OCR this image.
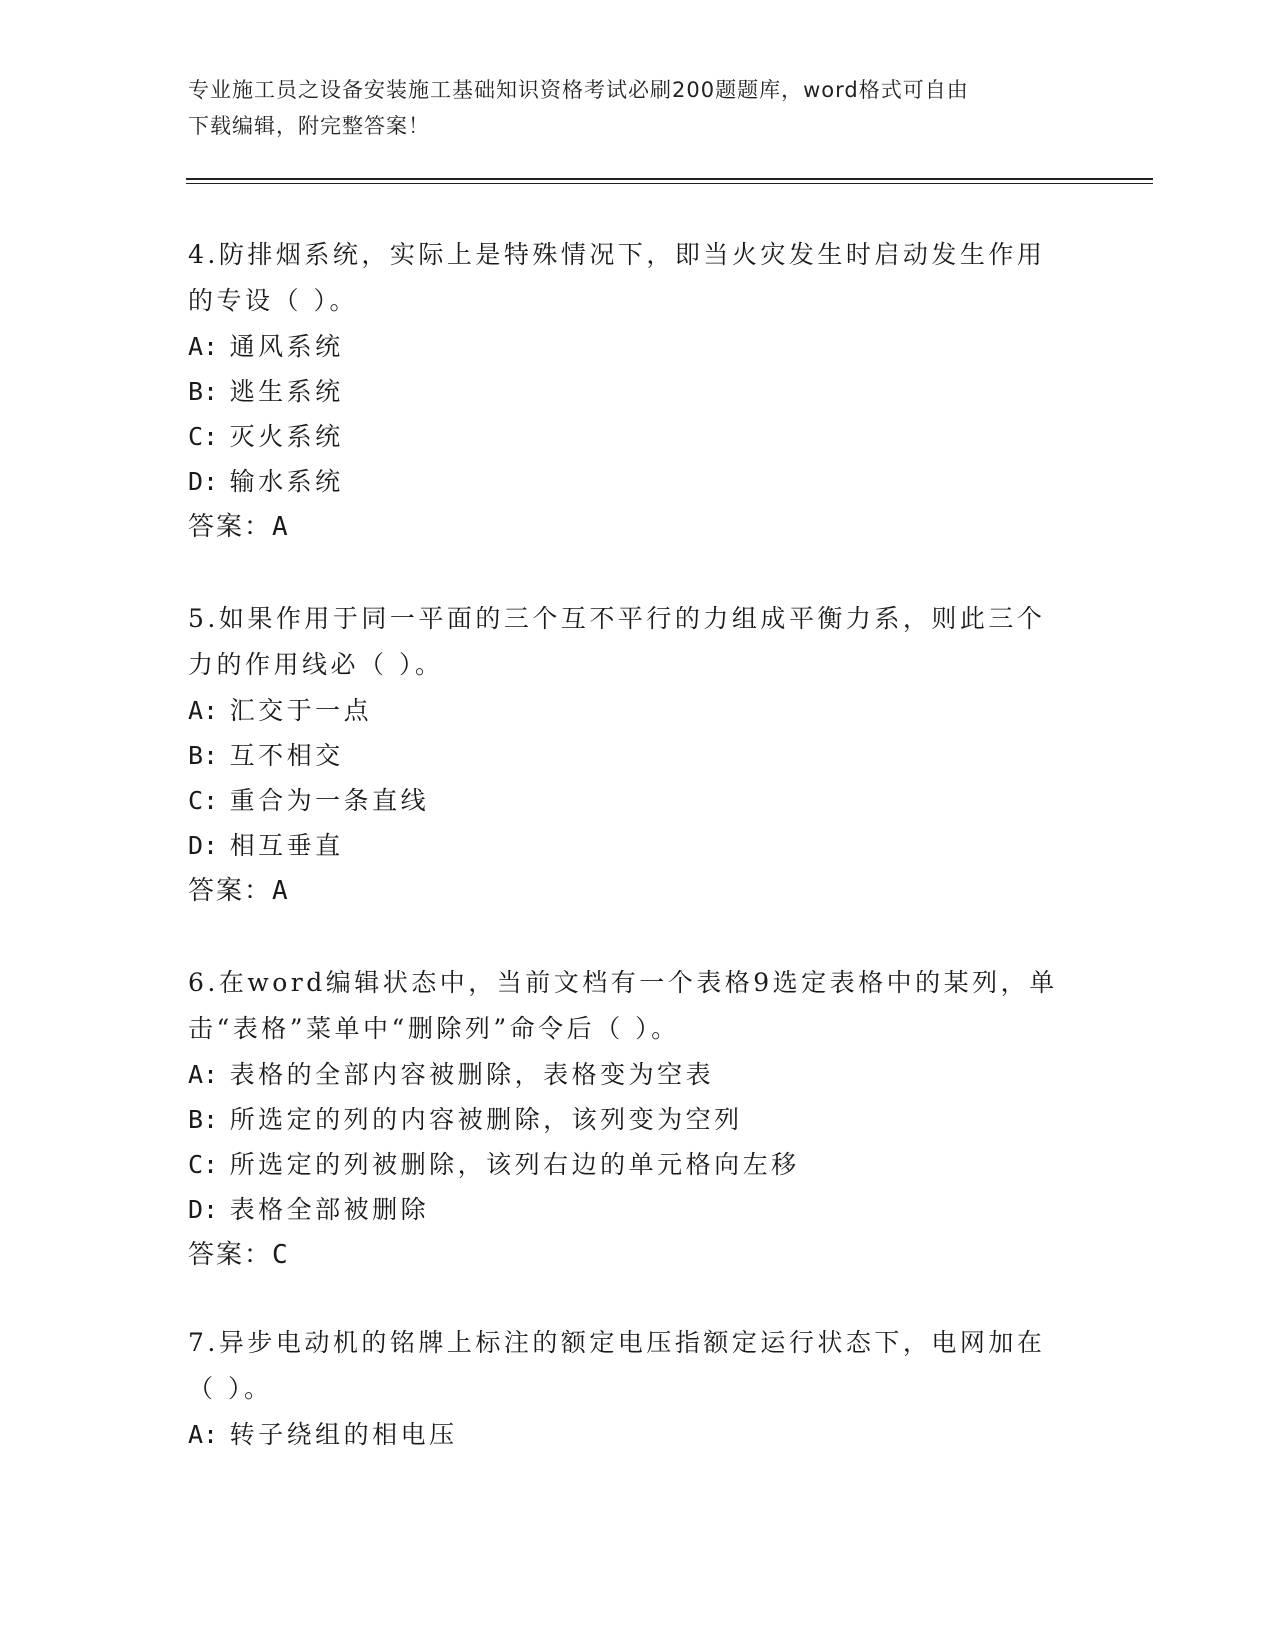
专业施工员之设备安装施工基础知识资格考试必刷200题题库，word格式可自由
下载编辑，附完整答案！

4.防排烟系统，实际上是特殊情况下，即当火灾发生时启动发生作用
的专设（ ）。

A: 通风系统

B: 逃生系统

C: 灭火系统

D: 输水系统

答案：A

5.如果作用于同一平面的三个互不平行的力组成平衡力系，则此三个
力的作用线必（ ）。

A: 汇交于一点

B: 互不相交

C: 重合为一条直线

D: 相互垂直

答案：A

6.在word编辑状态中，当前文档有一个表格9选定表格中的某列，单
击“表格”菜单中“删除列”命令后（ ）。

A: 表格的全部内容被删除，表格变为空表

B: 所选定的列的内容被删除，该列变为空列

C: 所选定的列被删除，该列右边的单元格向左移

D: 表格全部被删除

答案：C

7.异步电动机的铭牌上标注的额定电压指额定运行状态下，电网加在
（ ）。

A: 转子绕组的相电压
